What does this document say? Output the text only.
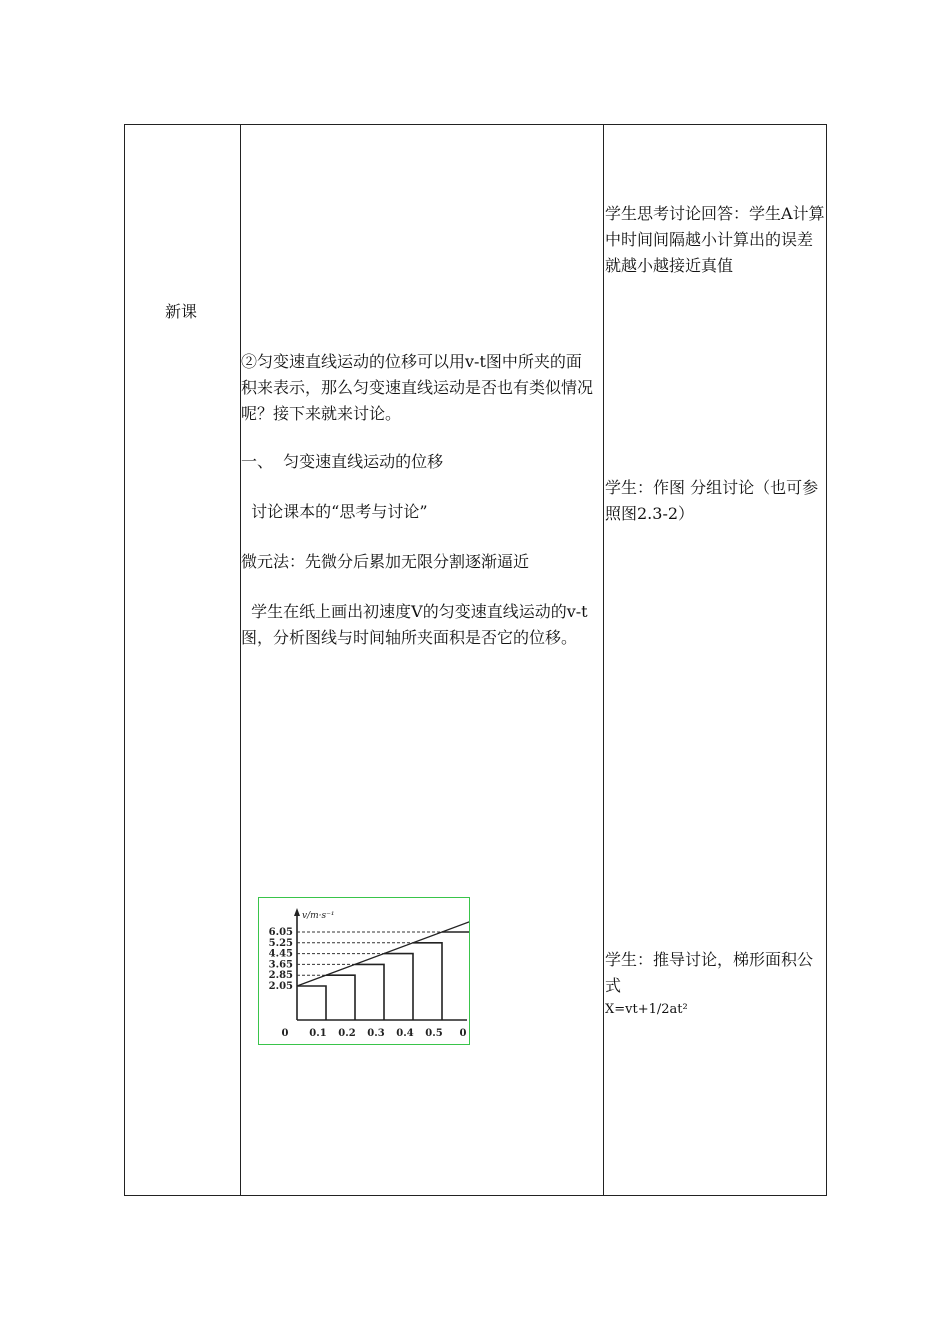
新课
②匀变速直线运动的位移可以用v-t图中所夹的面积来表示，那么匀变速直线运动是否也有类似情况呢？接下来就来讨论。
一、  匀变速直线运动的位移
讨论课本的“思考与讨论”
微元法：先微分后累加无限分割逐渐逼近
学生在纸上画出初速度V的匀变速直线运动的v-t图，分析图线与时间轴所夹面积是否它的位移。
学生思考讨论回答：学生A计算中时间间隔越小计算出的误差就越小越接近真值
学生：作图 分组讨论（也可参照图2.3-2）
学生：推导讨论，梯形面积公式
X=vt+1/2at²
v/m·s⁻¹
2.05
2.85
3.65
4.45
5.25
6.05
0 0.1 0.2 0.3 0.4 0.5 0
